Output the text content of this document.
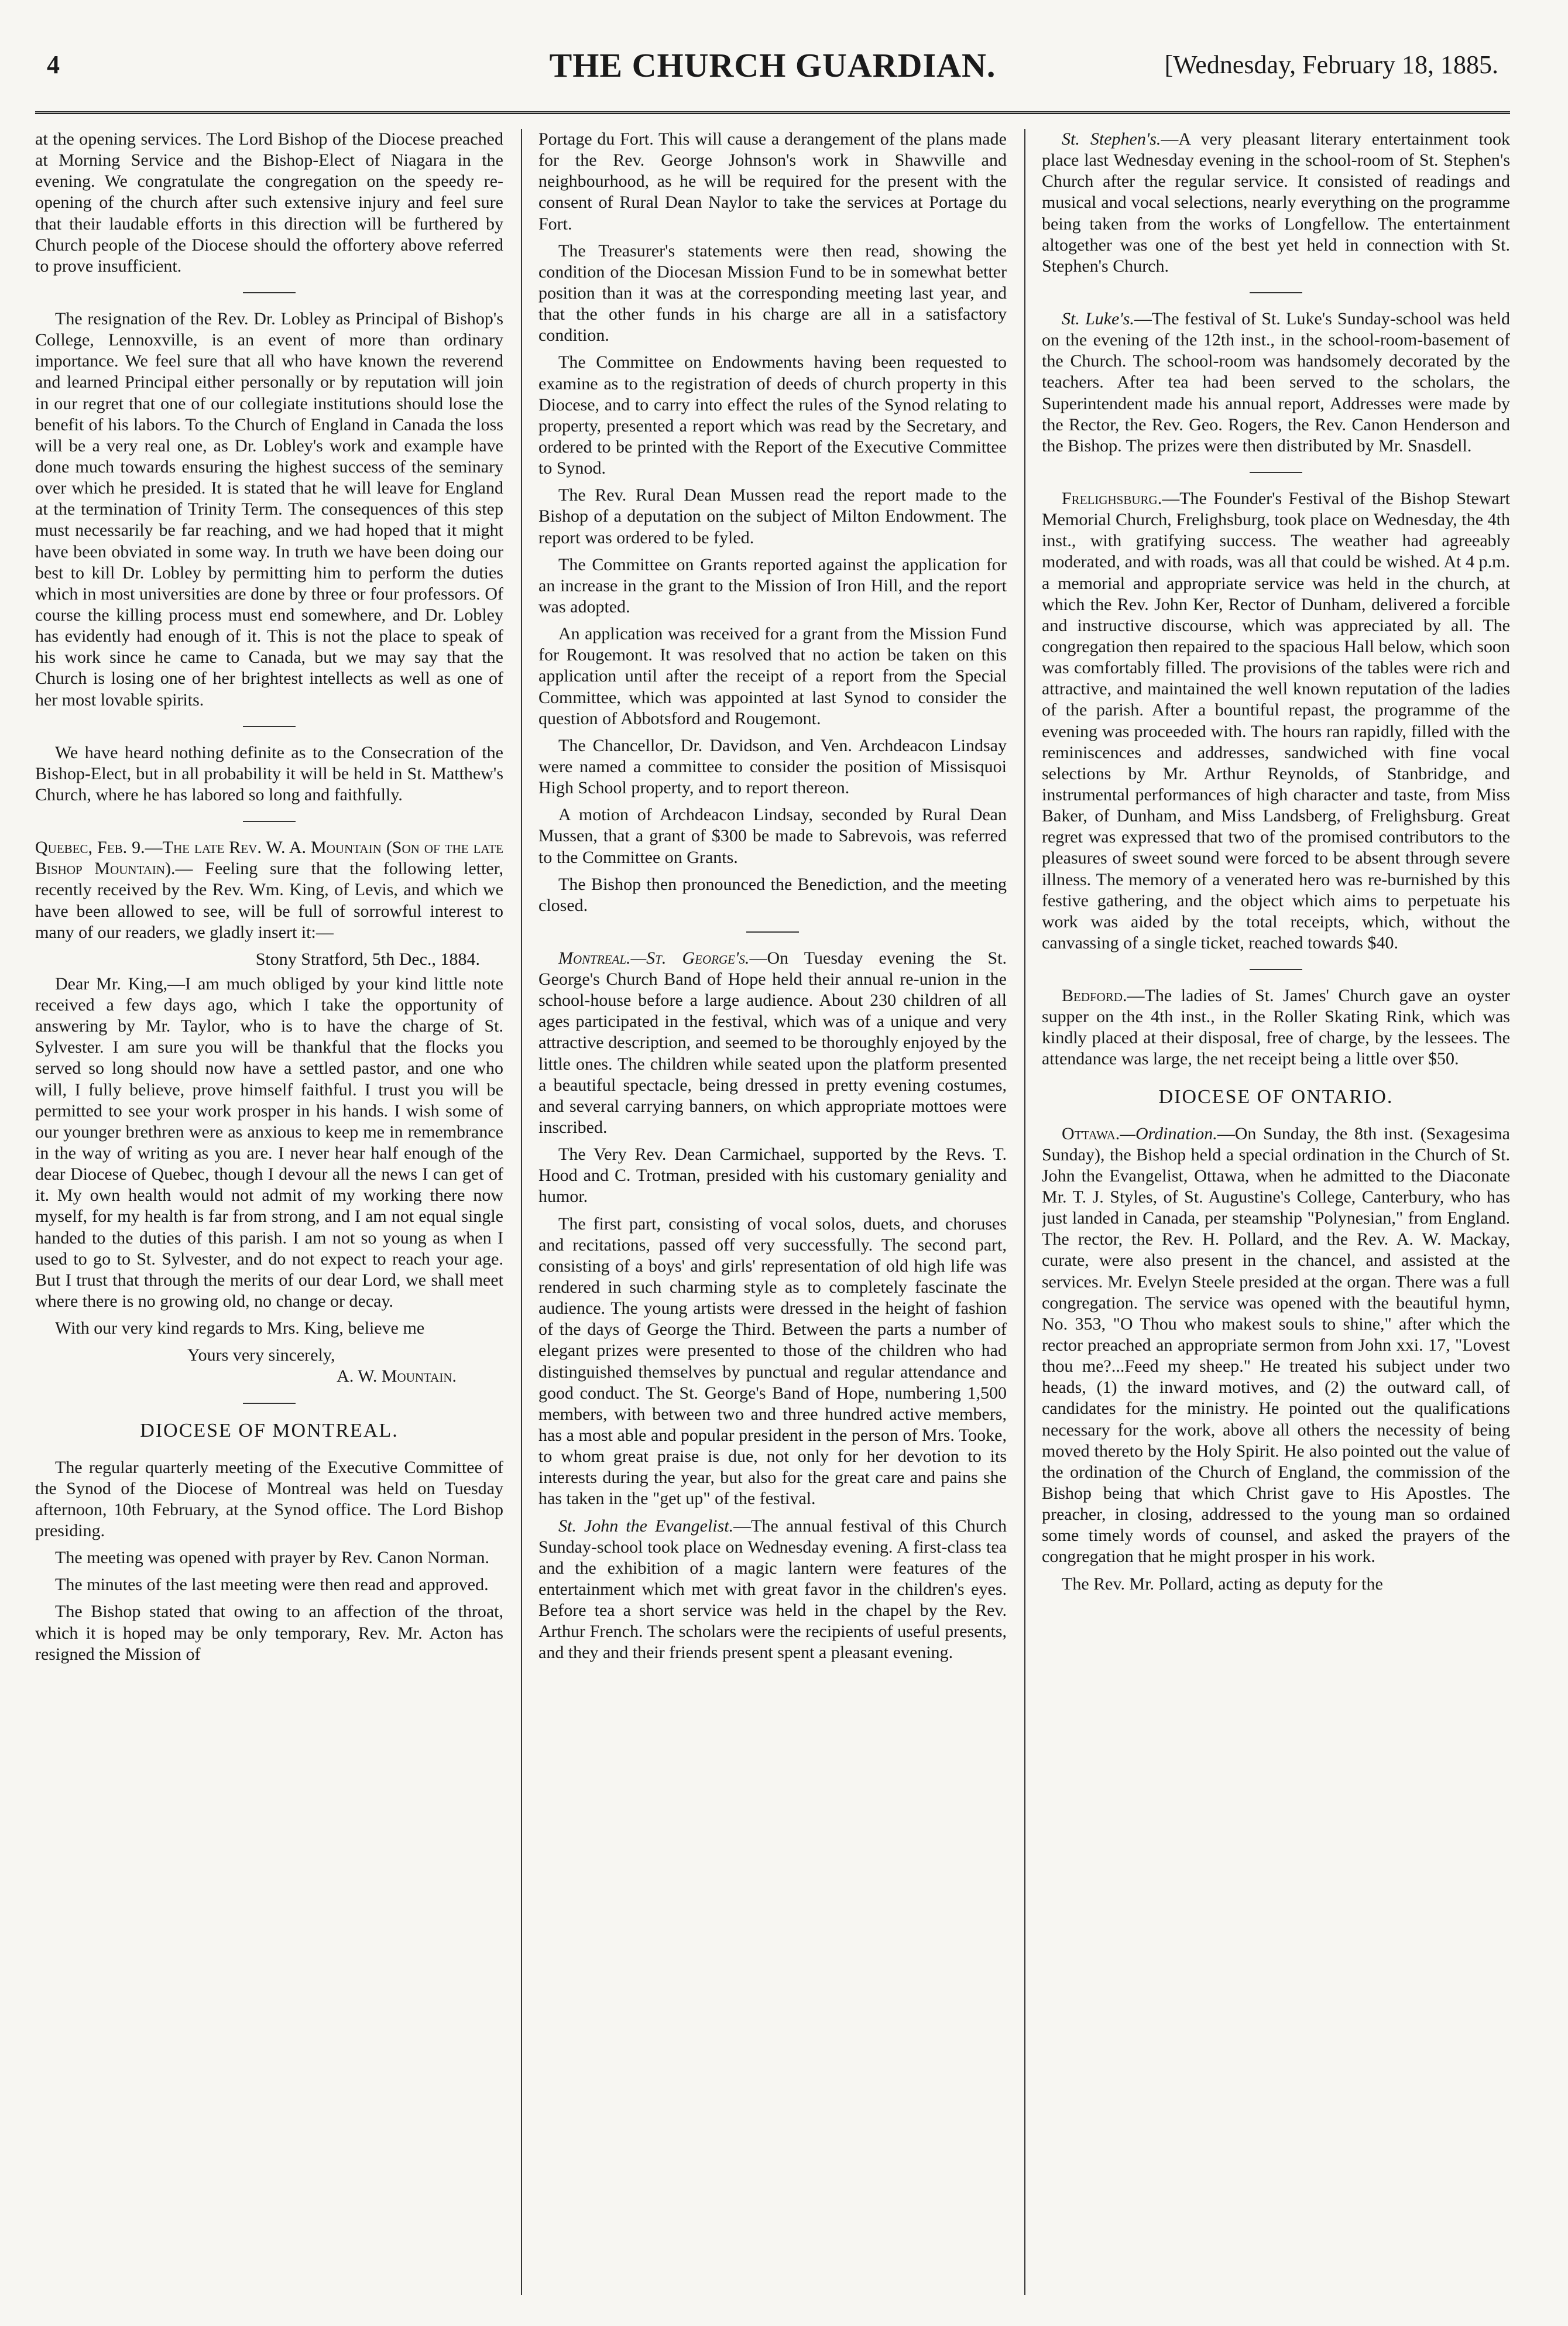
4	THE CHURCH GUARDIAN.	[Wednesday, February 18, 1885.

at the opening services. The Lord Bishop of the Diocese preached at Morning Service and the Bishop-Elect of Niagara in the evening. We congratulate the congregation on the speedy re-opening of the church after such extensive injury and feel sure that their laudable efforts in this direction will be furthered by Church people of the Diocese should the offortery above referred to prove insufficient.

The resignation of the Rev. Dr. Lobley as Principal of Bishop's College, Lennoxville, is an event of more than ordinary importance. We feel sure that all who have known the reverend and learned Principal either personally or by reputation will join in our regret that one of our collegiate institutions should lose the benefit of his labors. To the Church of England in Canada the loss will be a very real one, as Dr. Lobley's work and example have done much towards ensuring the highest success of the seminary over which he presided. It is stated that he will leave for England at the termination of Trinity Term. The consequences of this step must necessarily be far reaching, and we had hoped that it might have been obviated in some way. In truth we have been doing our best to kill Dr. Lobley by permitting him to perform the duties which in most universities are done by three or four professors. Of course the killing process must end somewhere, and Dr. Lobley has evidently had enough of it. This is not the place to speak of his work since he came to Canada, but we may say that the Church is losing one of her brightest intellects as well as one of her most lovable spirits.

We have heard nothing definite as to the Consecration of the Bishop-Elect, but in all probability it will be held in St. Matthew's Church, where he has labored so long and faithfully.

Quebec, Feb. 9.—The late Rev. W. A. Mountain (Son of the late Bishop Mountain).— Feeling sure that the following letter, recently received by the Rev. Wm. King, of Levis, and which we have been allowed to see, will be full of sorrowful interest to many of our readers, we gladly insert it:—

Stony Stratford, 5th Dec., 1884.

Dear Mr. King,—I am much obliged by your kind little note received a few days ago, which I take the opportunity of answering by Mr. Taylor, who is to have the charge of St. Sylvester. I am sure you will be thankful that the flocks you served so long should now have a settled pastor, and one who will, I fully believe, prove himself faithful. I trust you will be permitted to see your work prosper in his hands. I wish some of our younger brethren were as anxious to keep me in remembrance in the way of writing as you are. I never hear half enough of the dear Diocese of Quebec, though I devour all the news I can get of it. My own health would not admit of my working there now myself, for my health is far from strong, and I am not equal single handed to the duties of this parish. I am not so young as when I used to go to St. Sylvester, and do not expect to reach your age. But I trust that through the merits of our dear Lord, we shall meet where there is no growing old, no change or decay.

With our very kind regards to Mrs. King, believe me

Yours very sincerely,
A. W. Mountain.
DIOCESE OF MONTREAL.

The regular quarterly meeting of the Executive Committee of the Synod of the Diocese of Montreal was held on Tuesday afternoon, 10th February, at the Synod office. The Lord Bishop presiding.

The meeting was opened with prayer by Rev. Canon Norman.

The minutes of the last meeting were then read and approved.

The Bishop stated that owing to an affection of the throat, which it is hoped may be only temporary, Rev. Mr. Acton has resigned the Mission of

Portage du Fort. This will cause a derangement of the plans made for the Rev. George Johnson's work in Shawville and neighbourhood, as he will be required for the present with the consent of Rural Dean Naylor to take the services at Portage du Fort.

The Treasurer's statements were then read, showing the condition of the Diocesan Mission Fund to be in somewhat better position than it was at the corresponding meeting last year, and that the other funds in his charge are all in a satisfactory condition.

The Committee on Endowments having been requested to examine as to the registration of deeds of church property in this Diocese, and to carry into effect the rules of the Synod relating to property, presented a report which was read by the Secretary, and ordered to be printed with the Report of the Executive Committee to Synod.

The Rev. Rural Dean Mussen read the report made to the Bishop of a deputation on the subject of Milton Endowment. The report was ordered to be fyled.

The Committee on Grants reported against the application for an increase in the grant to the Mission of Iron Hill, and the report was adopted.

An application was received for a grant from the Mission Fund for Rougemont. It was resolved that no action be taken on this application until after the receipt of a report from the Special Committee, which was appointed at last Synod to consider the question of Abbotsford and Rougemont.

The Chancellor, Dr. Davidson, and Ven. Archdeacon Lindsay were named a committee to consider the position of Missisquoi High School property, and to report thereon.

A motion of Archdeacon Lindsay, seconded by Rural Dean Mussen, that a grant of $300 be made to Sabrevois, was referred to the Committee on Grants.

The Bishop then pronounced the Benediction, and the meeting closed.

Montreal.—St. George's.—On Tuesday evening the St. George's Church Band of Hope held their annual re-union in the school-house before a large audience. About 230 children of all ages participated in the festival, which was of a unique and very attractive description, and seemed to be thoroughly enjoyed by the little ones. The children while seated upon the platform presented a beautiful spectacle, being dressed in pretty evening costumes, and several carrying banners, on which appropriate mottoes were inscribed.

The Very Rev. Dean Carmichael, supported by the Revs. T. Hood and C. Trotman, presided with his customary geniality and humor.

The first part, consisting of vocal solos, duets, and choruses and recitations, passed off very successfully. The second part, consisting of a boys' and girls' representation of old high life was rendered in such charming style as to completely fascinate the audience. The young artists were dressed in the height of fashion of the days of George the Third. Between the parts a number of elegant prizes were presented to those of the children who had distinguished themselves by punctual and regular attendance and good conduct. The St. George's Band of Hope, numbering 1,500 members, with between two and three hundred active members, has a most able and popular president in the person of Mrs. Tooke, to whom great praise is due, not only for her devotion to its interests during the year, but also for the great care and pains she has taken in the "get up" of the festival.

St. John the Evangelist.—The annual festival of this Church Sunday-school took place on Wednesday evening. A first-class tea and the exhibition of a magic lantern were features of the entertainment which met with great favor in the children's eyes. Before tea a short service was held in the chapel by the Rev. Arthur French. The scholars were the recipients of useful presents, and they and their friends present spent a pleasant evening.

St. Stephen's.—A very pleasant literary entertainment took place last Wednesday evening in the school-room of St. Stephen's Church after the regular service. It consisted of readings and musical and vocal selections, nearly everything on the programme being taken from the works of Longfellow. The entertainment altogether was one of the best yet held in connection with St. Stephen's Church.

St. Luke's.—The festival of St. Luke's Sunday-school was held on the evening of the 12th inst., in the school-room-basement of the Church. The school-room was handsomely decorated by the teachers. After tea had been served to the scholars, the Superintendent made his annual report, Addresses were made by the Rector, the Rev. Geo. Rogers, the Rev. Canon Henderson and the Bishop. The prizes were then distributed by Mr. Snasdell.

Frelighsburg.—The Founder's Festival of the Bishop Stewart Memorial Church, Frelighsburg, took place on Wednesday, the 4th inst., with gratifying success. The weather had agreeably moderated, and with roads, was all that could be wished. At 4 p.m. a memorial and appropriate service was held in the church, at which the Rev. John Ker, Rector of Dunham, delivered a forcible and instructive discourse, which was appreciated by all. The congregation then repaired to the spacious Hall below, which soon was comfortably filled. The provisions of the tables were rich and attractive, and maintained the well known reputation of the ladies of the parish. After a bountiful repast, the programme of the evening was proceeded with. The hours ran rapidly, filled with the reminiscences and addresses, sandwiched with fine vocal selections by Mr. Arthur Reynolds, of Stanbridge, and instrumental performances of high character and taste, from Miss Baker, of Dunham, and Miss Landsberg, of Frelighsburg. Great regret was expressed that two of the promised contributors to the pleasures of sweet sound were forced to be absent through severe illness. The memory of a venerated hero was re-burnished by this festive gathering, and the object which aims to perpetuate his work was aided by the total receipts, which, without the canvassing of a single ticket, reached towards $40.

Bedford.—The ladies of St. James' Church gave an oyster supper on the 4th inst., in the Roller Skating Rink, which was kindly placed at their disposal, free of charge, by the lessees. The attendance was large, the net receipt being a little over $50.

DIOCESE OF ONTARIO.

Ottawa.—Ordination.—On Sunday, the 8th inst. (Sexagesima Sunday), the Bishop held a special ordination in the Church of St. John the Evangelist, Ottawa, when he admitted to the Diaconate Mr. T. J. Styles, of St. Augustine's College, Canterbury, who has just landed in Canada, per steamship "Polynesian," from England. The rector, the Rev. H. Pollard, and the Rev. A. W. Mackay, curate, were also present in the chancel, and assisted at the services. Mr. Evelyn Steele presided at the organ. There was a full congregation. The service was opened with the beautiful hymn, No. 353, "O Thou who makest souls to shine," after which the rector preached an appropriate sermon from John xxi. 17, "Lovest thou me?...Feed my sheep." He treated his subject under two heads, (1) the inward motives, and (2) the outward call, of candidates for the ministry. He pointed out the qualifications necessary for the work, above all others the necessity of being moved thereto by the Holy Spirit. He also pointed out the value of the ordination of the Church of England, the commission of the Bishop being that which Christ gave to His Apostles. The preacher, in closing, addressed to the young man so ordained some timely words of counsel, and asked the prayers of the congregation that he might prosper in his work.

The Rev. Mr. Pollard, acting as deputy for the
